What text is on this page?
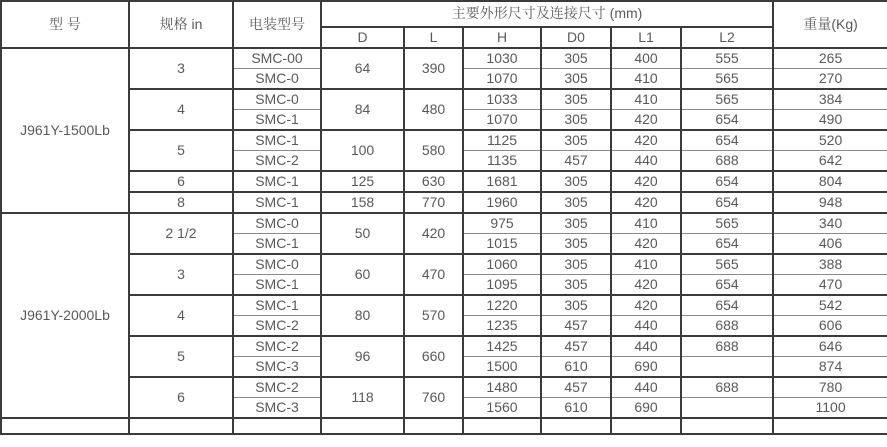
型 号	规格 in	电装型号	主要外形尺寸及连接尺寸 (mm)						重量(Kg)
			D	L	H	D0	L1	L2	
J961Y-1500Lb	3	SMC-00	64	390	1030	305	400	555	265
		SMC-0			1070	305	410	565	270
	4	SMC-0	84	480	1033	305	410	565	384
		SMC-1			1070	305	420	654	490
	5	SMC-1	100	580	1125	305	420	654	520
		SMC-2			1135	457	440	688	642
	6	SMC-1	125	630	1681	305	420	654	804
	8	SMC-1	158	770	1960	305	420	654	948
J961Y-2000Lb	2 1/2	SMC-0	50	420	975	305	410	565	340
		SMC-1			1015	305	420	654	406
	3	SMC-0	60	470	1060	305	410	565	388
		SMC-1			1095	305	420	654	470
	4	SMC-1	80	570	1220	305	420	654	542
		SMC-2			1235	457	440	688	606
	5	SMC-2	96	660	1425	457	440	688	646
		SMC-3			1500	610	690		874
	6	SMC-2	118	760	1480	457	440	688	780
		SMC-3			1560	610	690		1100
